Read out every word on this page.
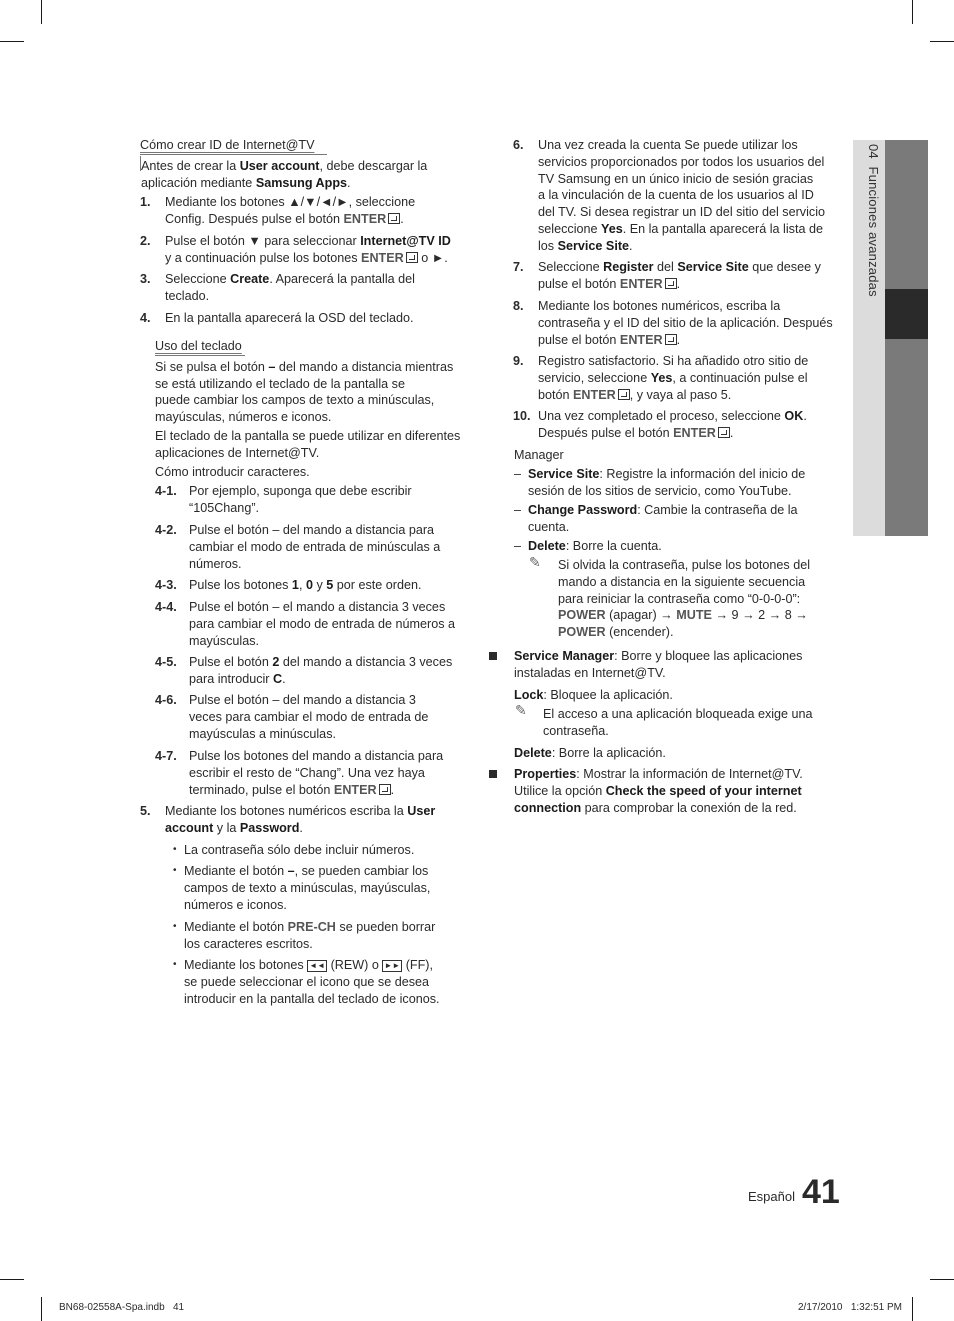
04  Funciones avanzadas
Cómo crear ID de Internet@TV
Antes de crear la User account, debe descargar la
aplicación mediante Samsung Apps.
1. Mediante los botones ▲/▼/◄/►, seleccione
Config. Después pulse el botón ENTER .
2. Pulse el botón ▼ para seleccionar Internet@TV ID
y a continuación pulse los botones ENTER o ►.
3. Seleccione Create. Aparecerá la pantalla del
teclado.
4. En la pantalla aparecerá la OSD del teclado.
Uso del teclado
Si se pulsa el botón – del mando a distancia mientras
se está utilizando el teclado de la pantalla se
puede cambiar los campos de texto a minúsculas,
mayúsculas, números e iconos.
El teclado de la pantalla se puede utilizar en diferentes
aplicaciones de Internet@TV.
Cómo introducir caracteres.
4-1. Por ejemplo, suponga que debe escribir
“105Chang”.
4-2. Pulse el botón – del mando a distancia para
cambiar el modo de entrada de minúsculas a
números.
4-3. Pulse los botones 1, 0 y 5 por este orden.
4-4. Pulse el botón – el mando a distancia 3 veces
para cambiar el modo de entrada de números a
mayúsculas.
4-5. Pulse el botón 2 del mando a distancia 3 veces
para introducir C.
4-6. Pulse el botón – del mando a distancia 3
veces para cambiar el modo de entrada de
mayúsculas a minúsculas.
4-7. Pulse los botones del mando a distancia para
escribir el resto de “Chang”. Una vez haya
terminado, pulse el botón ENTER .
5. Mediante los botones numéricos escriba la User
account y la Password.
• La contraseña sólo debe incluir números.
• Mediante el botón –, se pueden cambiar los
campos de texto a minúsculas, mayúsculas,
números e iconos.
• Mediante el botón PRE-CH se pueden borrar
los caracteres escritos.
• Mediante los botones ◄◄ (REW) o ►► (FF),
se puede seleccionar el icono que se desea
introducir en la pantalla del teclado de iconos.
6. Una vez creada la cuenta Se puede utilizar los
servicios proporcionados por todos los usuarios del
TV Samsung en un único inicio de sesión gracias
a la vinculación de la cuenta de los usuarios al ID
del TV. Si desea registrar un ID del sitio del servicio
seleccione Yes. En la pantalla aparecerá la lista de
los Service Site.
7. Seleccione Register del Service Site que desee y
pulse el botón ENTER .
8. Mediante los botones numéricos, escriba la
contraseña y el ID del sitio de la aplicación. Después
pulse el botón ENTER .
9. Registro satisfactorio. Si ha añadido otro sitio de
servicio, seleccione Yes, a continuación pulse el
botón ENTER , y vaya al paso 5.
10. Una vez completado el proceso, seleccione OK.
Después pulse el botón ENTER .
Manager
– Service Site: Registre la información del inicio de
sesión de los sitios de servicio, como YouTube.
– Change Password: Cambie la contraseña de la
cuenta.
– Delete: Borre la cuenta.
✎ Si olvida la contraseña, pulse los botones del
mando a distancia en la siguiente secuencia
para reiniciar la contraseña como “0-0-0-0”:
POWER (apagar) → MUTE → 9 → 2 → 8 →
POWER (encender).
Service Manager: Borre y bloquee las aplicaciones
instaladas en Internet@TV.
Lock: Bloquee la aplicación.
✎ El acceso a una aplicación bloqueada exige una
contraseña.
Delete: Borre la aplicación.
Properties: Mostrar la información de Internet@TV.
Utilice la opción Check the speed of your internet
connection para comprobar la conexión de la red.
Español 41
BN68-02558A-Spa.indb   41	2/17/2010   1:32:51 PM
